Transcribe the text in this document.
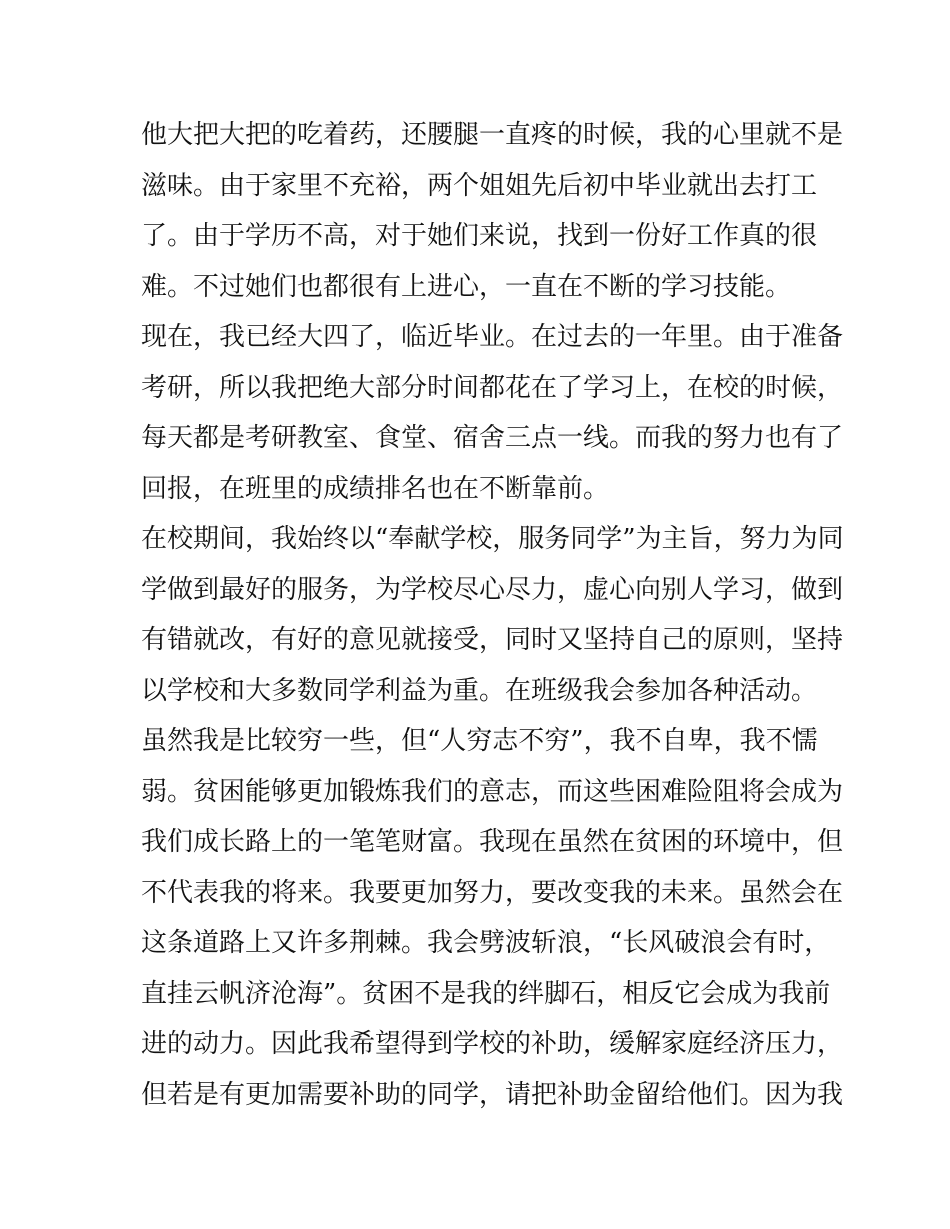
他大把大把的吃着药，还腰腿一直疼的时候，我的心里就不是
滋味。由于家里不充裕，两个姐姐先后初中毕业就出去打工
了。由于学历不高，对于她们来说，找到一份好工作真的很
难。不过她们也都很有上进心，一直在不断的学习技能。
现在，我已经大四了，临近毕业。在过去的一年里。由于准备
考研，所以我把绝大部分时间都花在了学习上，在校的时候，
每天都是考研教室、食堂、宿舍三点一线。而我的努力也有了
回报，在班里的成绩排名也在不断靠前。
在校期间，我始终以“奉献学校，服务同学”为主旨，努力为同
学做到最好的服务，为学校尽心尽力，虚心向别人学习，做到
有错就改，有好的意见就接受，同时又坚持自己的原则，坚持
以学校和大多数同学利益为重。在班级我会参加各种活动。
虽然我是比较穷一些，但“人穷志不穷”，我不自卑，我不懦
弱。贫困能够更加锻炼我们的意志，而这些困难险阻将会成为
我们成长路上的一笔笔财富。我现在虽然在贫困的环境中，但
不代表我的将来。我要更加努力，要改变我的未来。虽然会在
这条道路上又许多荆棘。我会劈波斩浪，“长风破浪会有时，
直挂云帆济沧海”。贫困不是我的绊脚石，相反它会成为我前
进的动力。因此我希望得到学校的补助，缓解家庭经济压力，
但若是有更加需要补助的同学，请把补助金留给他们。因为我
